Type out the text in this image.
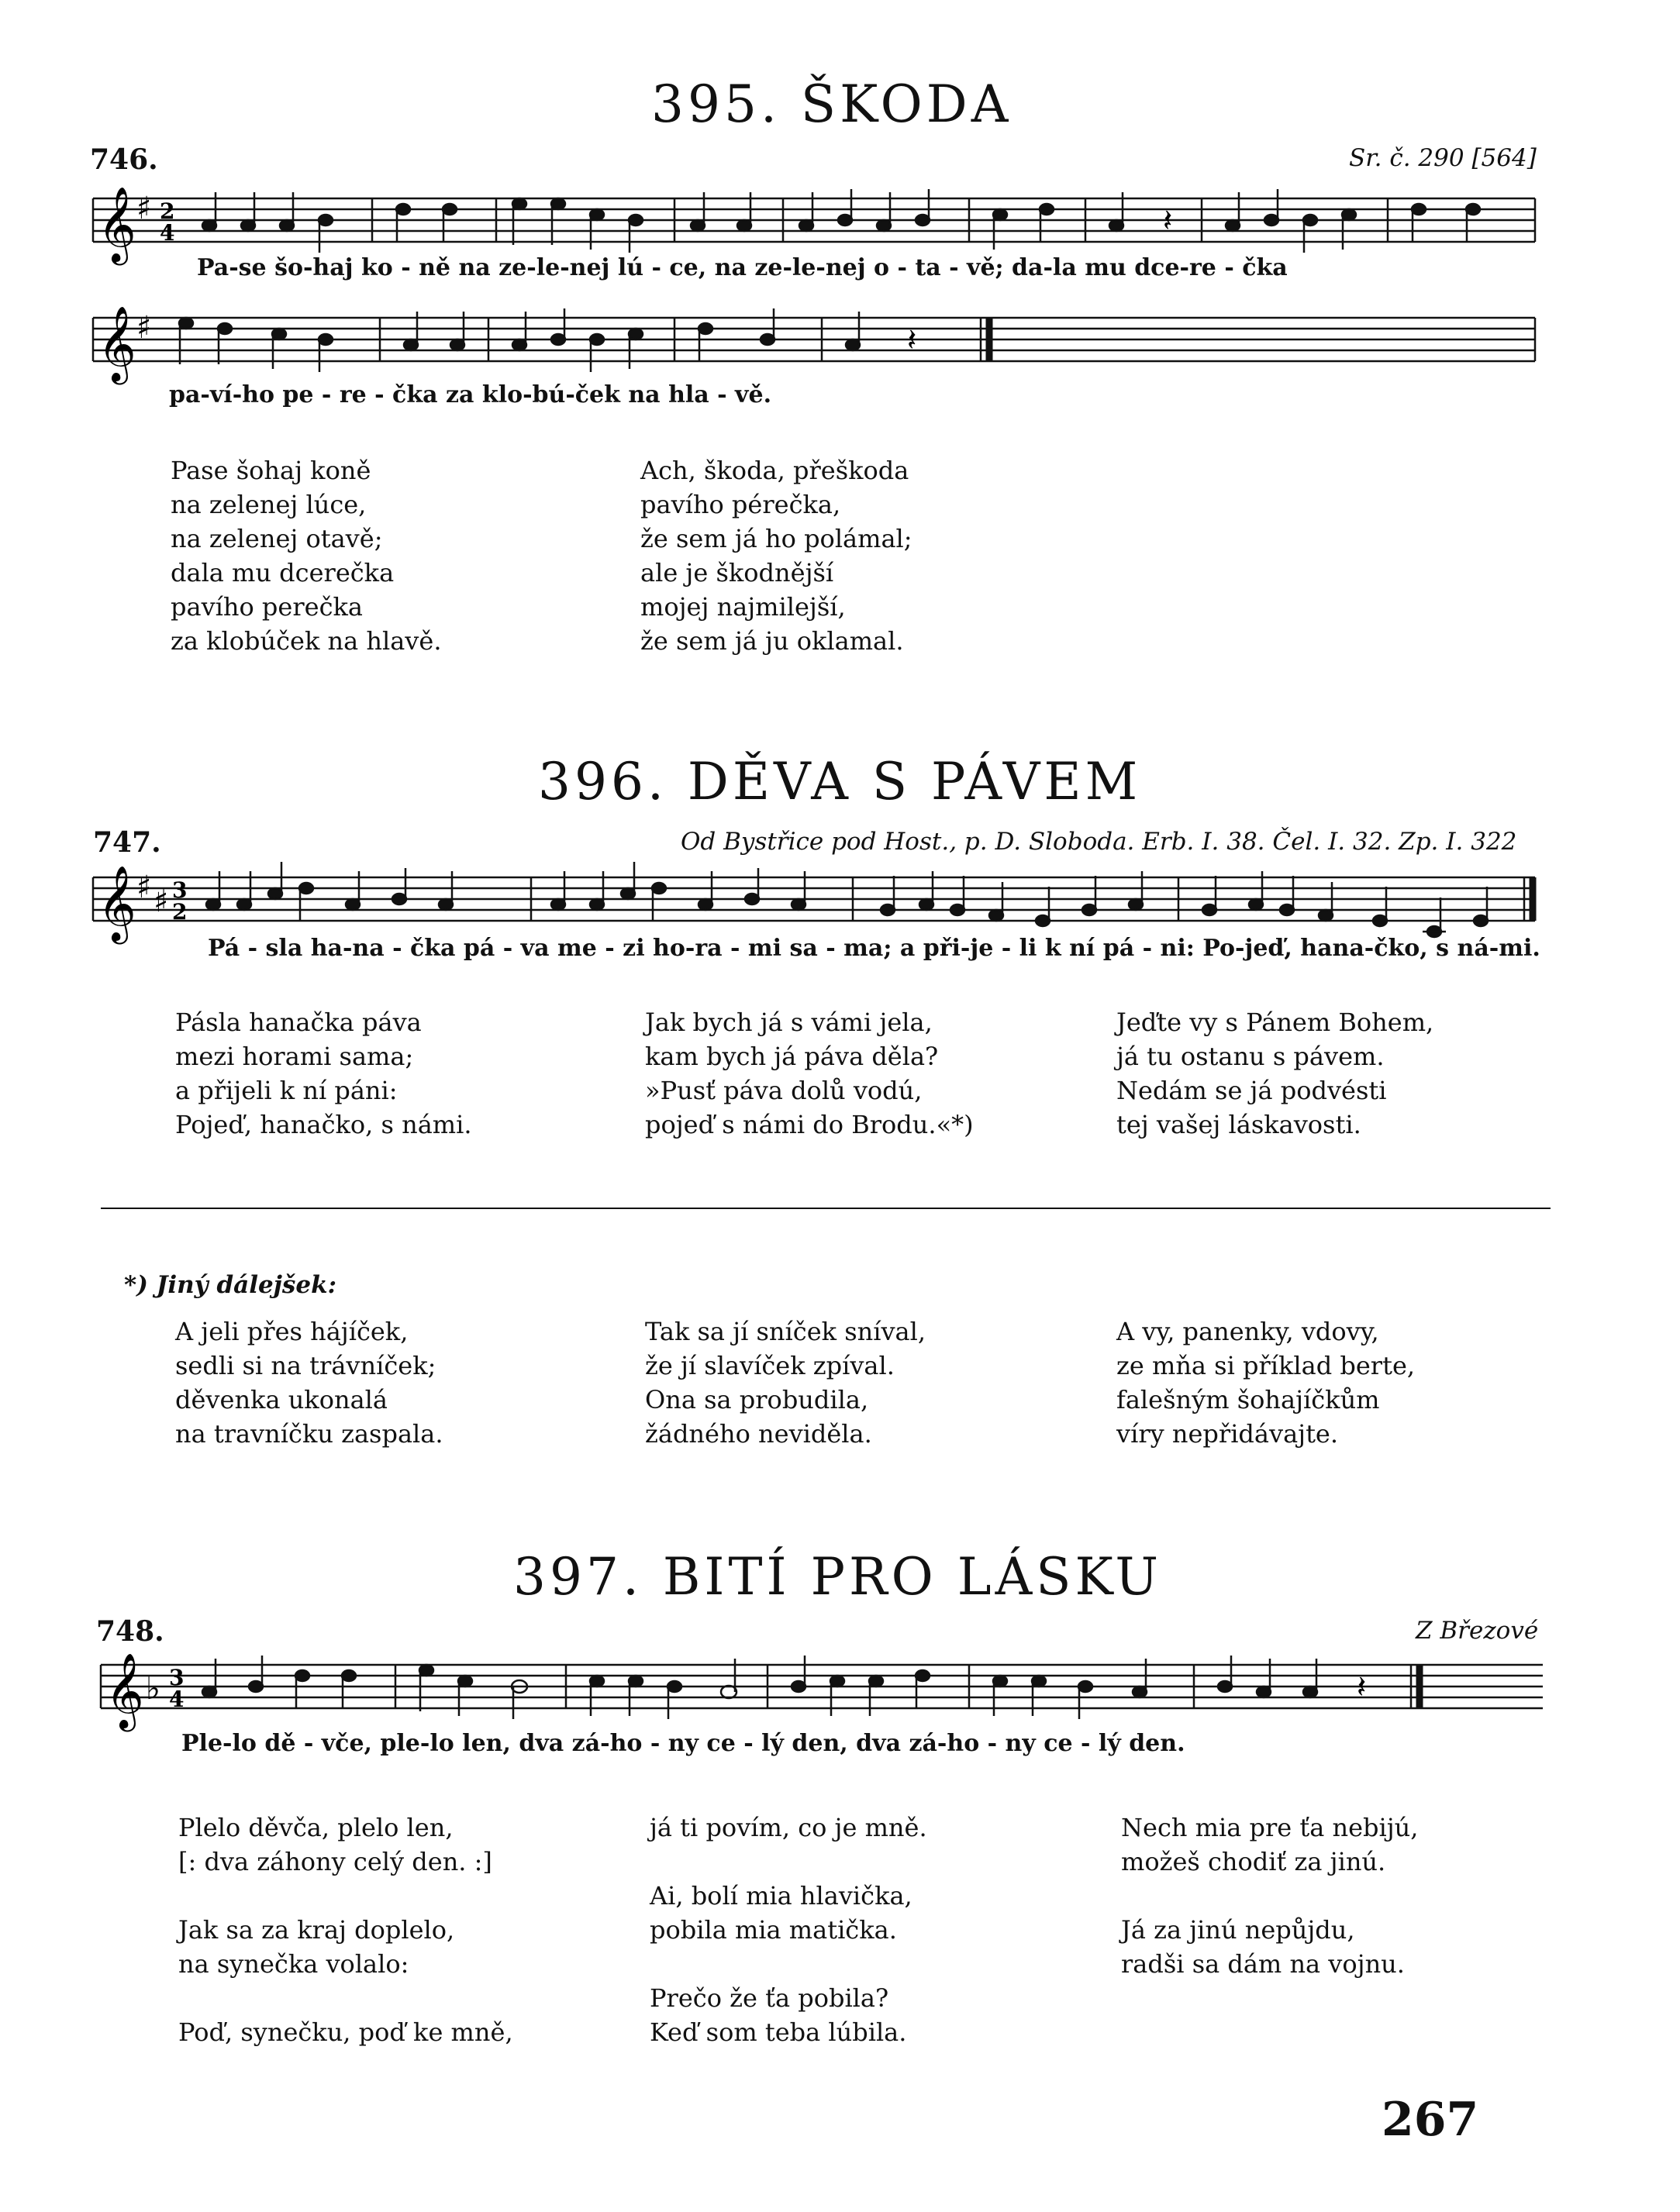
395. ŠKODA
746.	Sr. č. 290 [564]
𝄞 ♯ 2
4	𝄽
Pa-se šo-haj ko - ně na ze-le-nej lú - ce, na ze-le-nej o - ta - vě; da-la mu dce-re - čka
𝄞 ♯	𝄽
pa-ví-ho pe - re - čka za klo-bú-ček na hla - vě.
Pase šohaj koně
na zelenej lúce,
na zelenej otavě;
dala mu dcerečka
pavího perečka
za klobúček na hlavě.
Ach, škoda, přeškoda
pavího pérečka,
že sem já ho polámal;
ale je škodnější
mojej najmilejší,
že sem já ju oklamal.
396. DĚVA S PÁVEM
747.	Od Bystřice pod Host., p. D. Sloboda. Erb. I. 38. Čel. I. 32. Zp. I. 322
𝄞 ♯ ♯ 3
2
Pá - sla ha-na - čka pá - va me - zi ho-ra - mi sa - ma; a při-je - li k ní pá - ni: Po-jeď, hana-čko, s ná-mi.
Pásla hanačka páva
mezi horami sama;
a přijeli k ní páni:
Pojeď, hanačko, s námi.
Jak bych já s vámi jela,
kam bych já páva děla?
»Pusť páva dolů vodú,
pojeď s námi do Brodu.«*)
Jeďte vy s Pánem Bohem,
já tu ostanu s pávem.
Nedám se já podvésti
tej vašej láskavosti.
*) Jiný dálejšek:
A jeli přes hájíček,
sedli si na trávníček;
děvenka ukonalá
na travníčku zaspala.
Tak sa jí sníček sníval,
že jí slavíček zpíval.
Ona sa probudila,
žádného neviděla.
A vy, panenky, vdovy,
ze mňa si příklad berte,
falešným šohajíčkům
víry nepřidávajte.
397. BITÍ PRO LÁSKU
748.	Z Březové
𝄞 ♭ 3
4	𝄽
Ple-lo dě - vče, ple-lo len, dva zá-ho - ny ce - lý den, dva zá-ho - ny ce - lý den.
Plelo děvča, plelo len,
[: dva záhony celý den. :]
Jak sa za kraj doplelo,
na synečka volalo:
Poď, synečku, poď ke mně,
já ti povím, co je mně.
Ai, bolí mia hlavička,
pobila mia matička.
Prečo že ťa pobila?
Keď som teba lúbila.
Nech mia pre ťa nebijú,
možeš chodiť za jinú.
Já za jinú nepůjdu,
radši sa dám na vojnu.
267
